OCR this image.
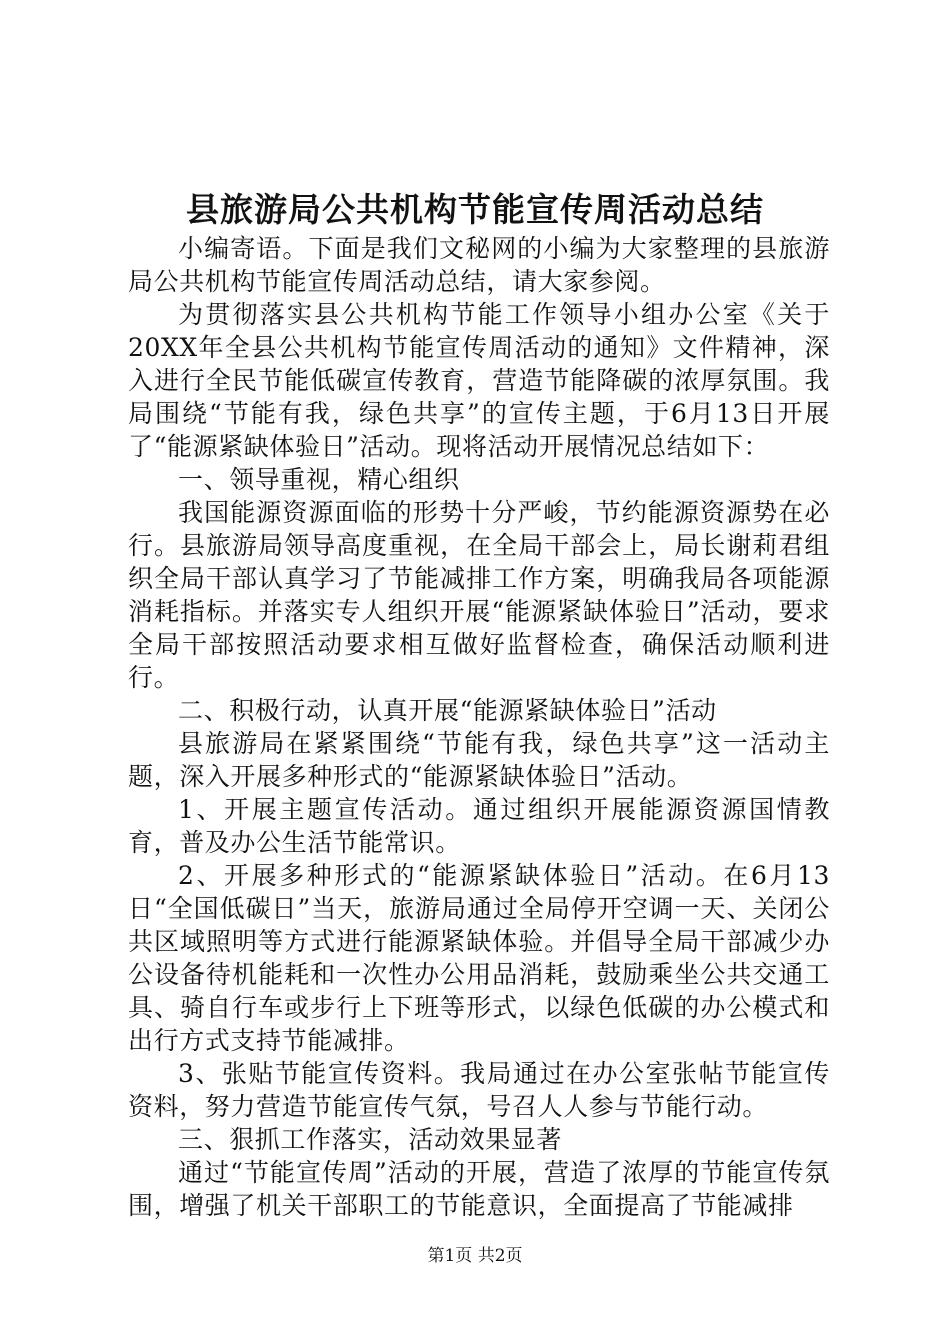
县旅游局公共机构节能宣传周活动总结

小编寄语。下面是我们文秘网的小编为大家整理的县旅游局公共机构节能宣传周活动总结，请大家参阅。

为贯彻落实县公共机构节能工作领导小组办公室《关于20XX年全县公共机构节能宣传周活动的通知》文件精神，深入进行全民节能低碳宣传教育，营造节能降碳的浓厚氛围。我局围绕“节能有我，绿色共享”的宣传主题，于6月13日开展了“能源紧缺体验日”活动。现将活动开展情况总结如下：

一、领导重视，精心组织

我国能源资源面临的形势十分严峻，节约能源资源势在必行。县旅游局领导高度重视，在全局干部会上，局长谢莉君组织全局干部认真学习了节能减排工作方案，明确我局各项能源消耗指标。并落实专人组织开展“能源紧缺体验日”活动，要求全局干部按照活动要求相互做好监督检查，确保活动顺利进行。

二、积极行动，认真开展“能源紧缺体验日”活动

县旅游局在紧紧围绕“节能有我，绿色共享”这一活动主题，深入开展多种形式的“能源紧缺体验日”活动。

1、开展主题宣传活动。通过组织开展能源资源国情教育，普及办公生活节能常识。

2、开展多种形式的“能源紧缺体验日”活动。在6月13日“全国低碳日”当天，旅游局通过全局停开空调一天、关闭公共区域照明等方式进行能源紧缺体验。并倡导全局干部减少办公设备待机能耗和一次性办公用品消耗，鼓励乘坐公共交通工具、骑自行车或步行上下班等形式，以绿色低碳的办公模式和出行方式支持节能减排。

3、张贴节能宣传资料。我局通过在办公室张帖节能宣传资料，努力营造节能宣传气氛，号召人人参与节能行动。

三、狠抓工作落实，活动效果显著

通过“节能宣传周”活动的开展，营造了浓厚的节能宣传氛围，增强了机关干部职工的节能意识，全面提高了节能减排

第1页 共2页
